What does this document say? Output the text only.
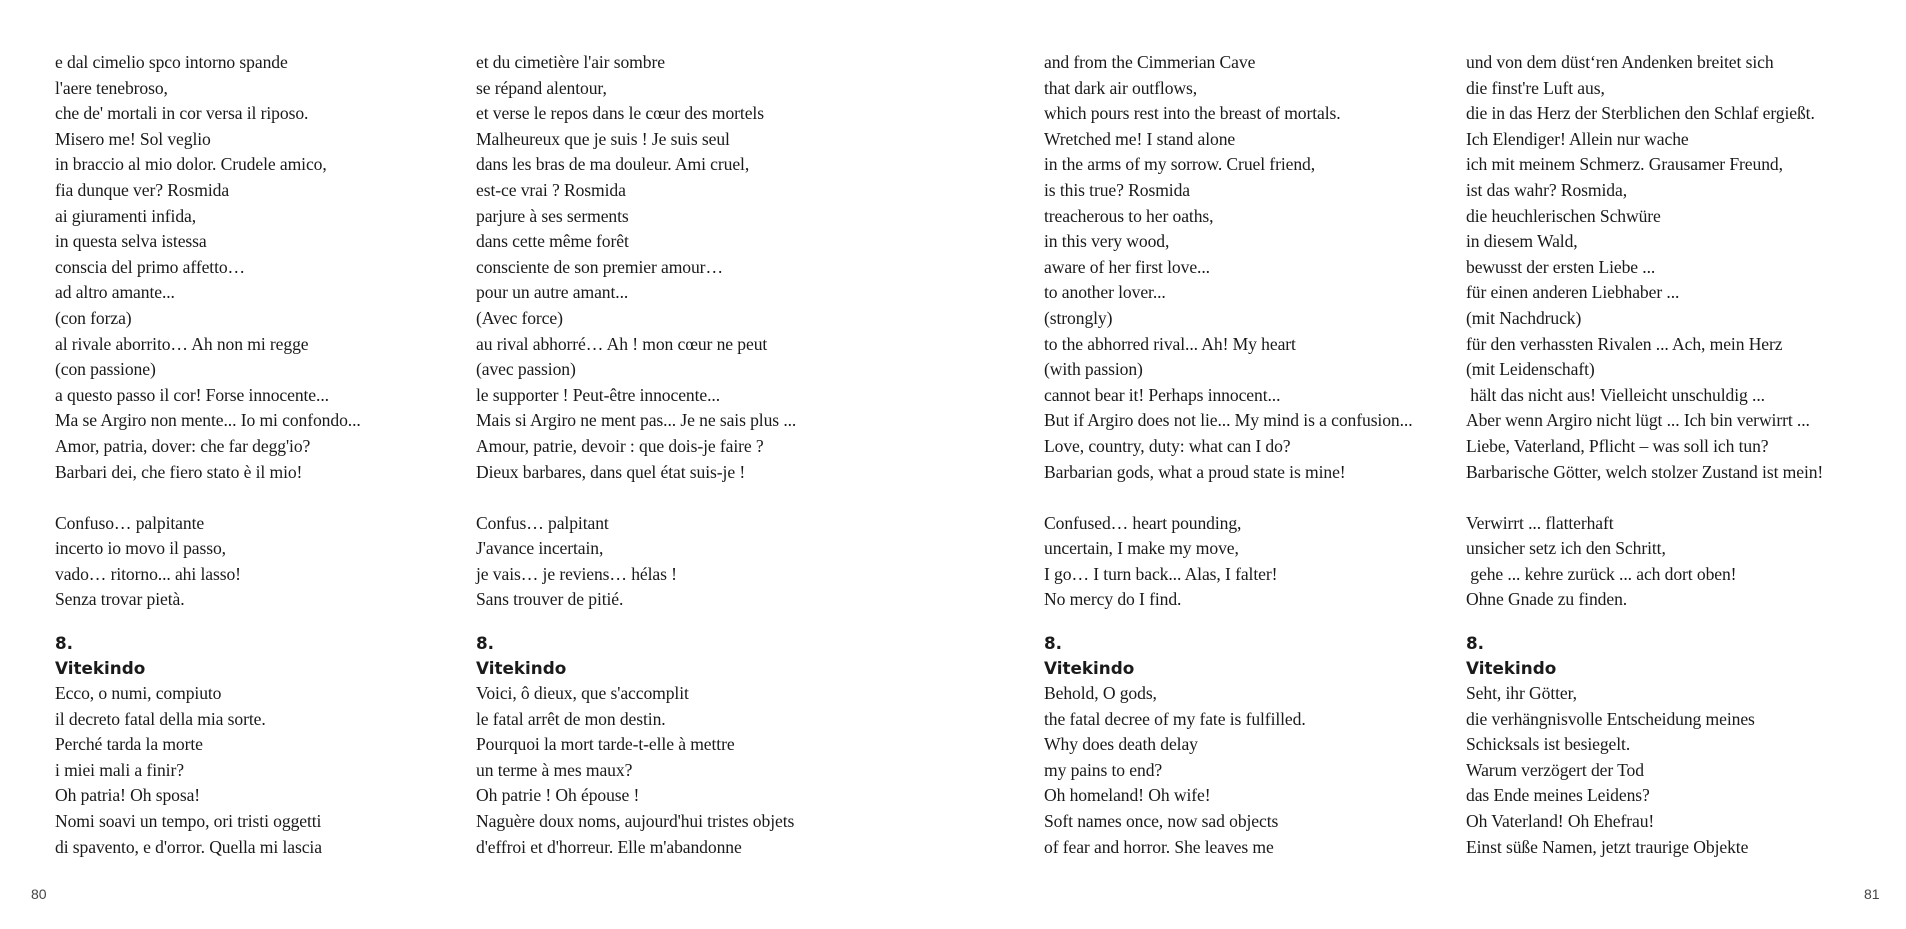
e dal cimelio spco intorno spande
l'aere tenebroso,
che de' mortali in cor versa il riposo.
Misero me! Sol veglio
in braccio al mio dolor. Crudele amico,
fia dunque ver? Rosmida
ai giuramenti infida,
in questa selva istessa
conscia del primo affetto…
ad altro amante...
(con forza)
al rivale aborrito… Ah non mi regge
(con passione)
a questo passo il cor! Forse innocente...
Ma se Argiro non mente... Io mi confondo...
Amor, patria, dover: che far degg'io?
Barbari dei, che fiero stato è il mio!
Confuso… palpitante
incerto io movo il passo,
vado… ritorno... ahi lasso!
Senza trovar pietà.
8.
Vitekindo
Ecco, o numi, compiuto
il decreto fatal della mia sorte.
Perché tarda la morte
i miei mali a finir?
Oh patria! Oh sposa!
Nomi soavi un tempo, ori tristi oggetti
di spavento, e d'orror. Quella mi lascia
et du cimetière l'air sombre
se répand alentour,
et verse le repos dans le cœur des mortels
Malheureux que je suis ! Je suis seul
dans les bras de ma douleur. Ami cruel,
est-ce vrai ? Rosmida
parjure à ses serments
dans cette même forêt
consciente de son premier amour…
pour un autre amant...
(Avec force)
au rival abhorré… Ah ! mon cœur ne peut
(avec passion)
le supporter ! Peut-être innocente...
Mais si Argiro ne ment pas... Je ne sais plus ...
Amour, patrie, devoir : que dois-je faire ?
Dieux barbares, dans quel état suis-je !
Confus… palpitant
J'avance incertain,
je vais… je reviens… hélas !
Sans trouver de pitié.
8.
Vitekindo
Voici, ô dieux, que s'accomplit
le fatal arrêt de mon destin.
Pourquoi la mort tarde-t-elle à mettre
un terme à mes maux?
Oh patrie ! Oh épouse !
Naguère doux noms, aujourd'hui tristes objets
d'effroi et d'horreur. Elle m'abandonne
and from the Cimmerian Cave
that dark air outflows,
which pours rest into the breast of mortals.
Wretched me! I stand alone
in the arms of my sorrow. Cruel friend,
is this true? Rosmida
treacherous to her oaths,
in this very wood,
aware of her first love...
to another lover...
(strongly)
to the abhorred rival... Ah! My heart
(with passion)
cannot bear it! Perhaps innocent...
But if Argiro does not lie... My mind is a confusion...
Love, country, duty: what can I do?
Barbarian gods, what a proud state is mine!
Confused… heart pounding,
uncertain, I make my move,
I go… I turn back... Alas, I falter!
No mercy do I find.
8.
Vitekindo
Behold, O gods,
the fatal decree of my fate is fulfilled.
Why does death delay
my pains to end?
Oh homeland! Oh wife!
Soft names once, now sad objects
of fear and horror. She leaves me
und von dem düst‘ren Andenken breitet sich
die finst're Luft aus,
die in das Herz der Sterblichen den Schlaf ergießt.
Ich Elendiger! Allein nur wache
ich mit meinem Schmerz. Grausamer Freund,
ist das wahr? Rosmida,
die heuchlerischen Schwüre
in diesem Wald,
bewusst der ersten Liebe ...
für einen anderen Liebhaber ...
(mit Nachdruck)
für den verhassten Rivalen ... Ach, mein Herz
(mit Leidenschaft)
hält das nicht aus! Vielleicht unschuldig ...
Aber wenn Argiro nicht lügt ... Ich bin verwirrt ...
Liebe, Vaterland, Pflicht – was soll ich tun?
Barbarische Götter, welch stolzer Zustand ist mein!
Verwirrt ... flatterhaft
unsicher setz ich den Schritt,
gehe ... kehre zurück ... ach dort oben!
Ohne Gnade zu finden.
8.
Vitekindo
Seht, ihr Götter,
die verhängnisvolle Entscheidung meines
Schicksals ist besiegelt.
Warum verzögert der Tod
das Ende meines Leidens?
Oh Vaterland! Oh Ehefrau!
Einst süße Namen, jetzt traurige Objekte
80	81
